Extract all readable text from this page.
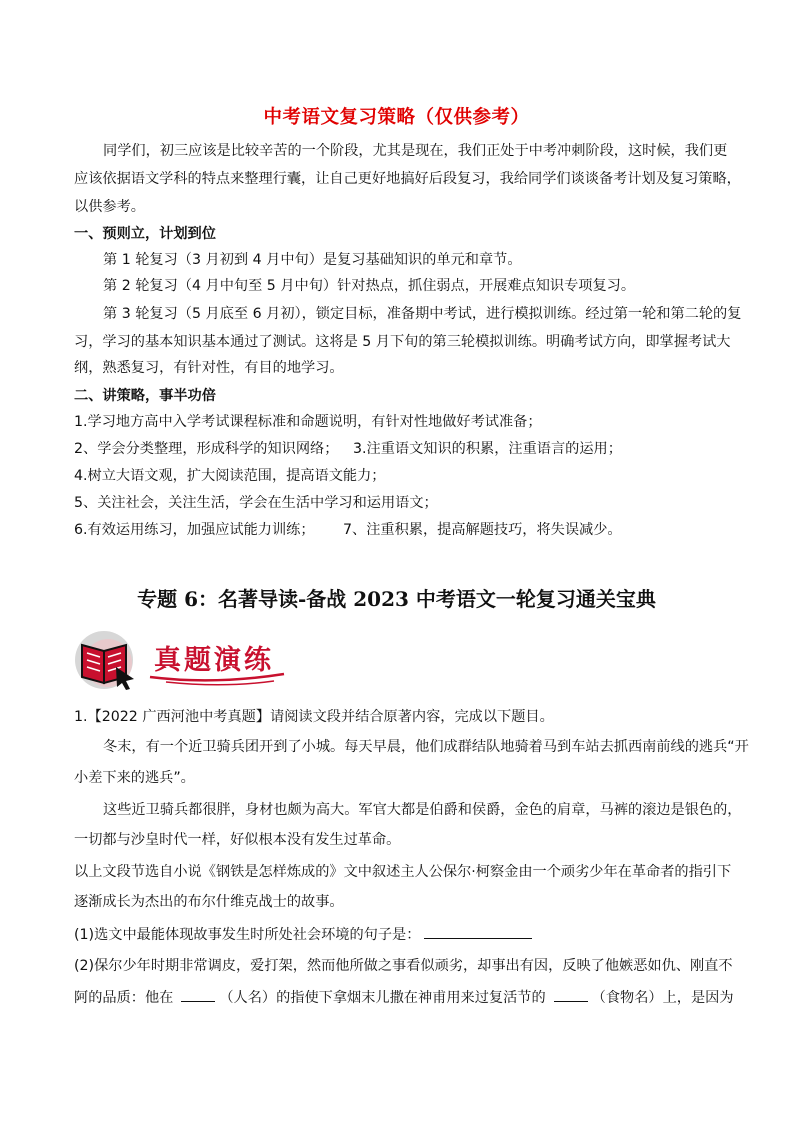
中考语文复习策略（仅供参考）
同学们，初三应该是比较辛苦的一个阶段，尤其是现在，我们正处于中考冲刺阶段，这时候，我们更
应该依据语文学科的特点来整理行囊，让自己更好地搞好后段复习，我给同学们谈谈备考计划及复习策略，
以供参考。
一、预则立，计划到位
第 1 轮复习（3 月初到 4 月中旬）是复习基础知识的单元和章节。
第 2 轮复习（4 月中旬至 5 月中旬）针对热点，抓住弱点，开展难点知识专项复习。
第 3 轮复习（5 月底至 6 月初），锁定目标，准备期中考试，进行模拟训练。经过第一轮和第二轮的复
习，学习的基本知识基本通过了测试。这将是 5 月下旬的第三轮模拟训练。明确考试方向，即掌握考试大
纲，熟悉复习，有针对性，有目的地学习。
二、讲策略，事半功倍
1.学习地方高中入学考试课程标准和命题说明，有针对性地做好考试准备；
2、学会分类整理，形成科学的知识网络； 3.注重语文知识的积累，注重语言的运用；
4.树立大语文观，扩大阅读范围，提高语文能力；
5、关注社会，关注生活，学会在生活中学习和运用语文；
6.有效运用练习，加强应试能力训练； 7、注重积累，提高解题技巧，将失误减少。
专题 6：名著导读-备战 2023 中考语文一轮复习通关宝典
真题演练
1.【2022 广西河池中考真题】请阅读文段并结合原著内容，完成以下题目。
冬末，有一个近卫骑兵团开到了小城。每天早晨，他们成群结队地骑着马到车站去抓西南前线的逃兵“开
小差下来的逃兵”。
这些近卫骑兵都很胖，身材也颇为高大。军官大都是伯爵和侯爵，金色的肩章，马裤的滚边是银色的，
一切都与沙皇时代一样，好似根本没有发生过革命。
以上文段节选自小说《钢铁是怎样炼成的》文中叙述主人公保尔·柯察金由一个顽劣少年在革命者的指引下
逐渐成长为杰出的布尔什维克战士的故事。
(1)选文中最能体现故事发生时所处社会环境的句子是：
(2)保尔少年时期非常调皮，爱打架，然而他所做之事看似顽劣，却事出有因，反映了他嫉恶如仇、刚直不
阿的品质：他在	（人名）的指使下拿烟末儿撒在神甫用来过复活节的	（食物名）上，是因为
